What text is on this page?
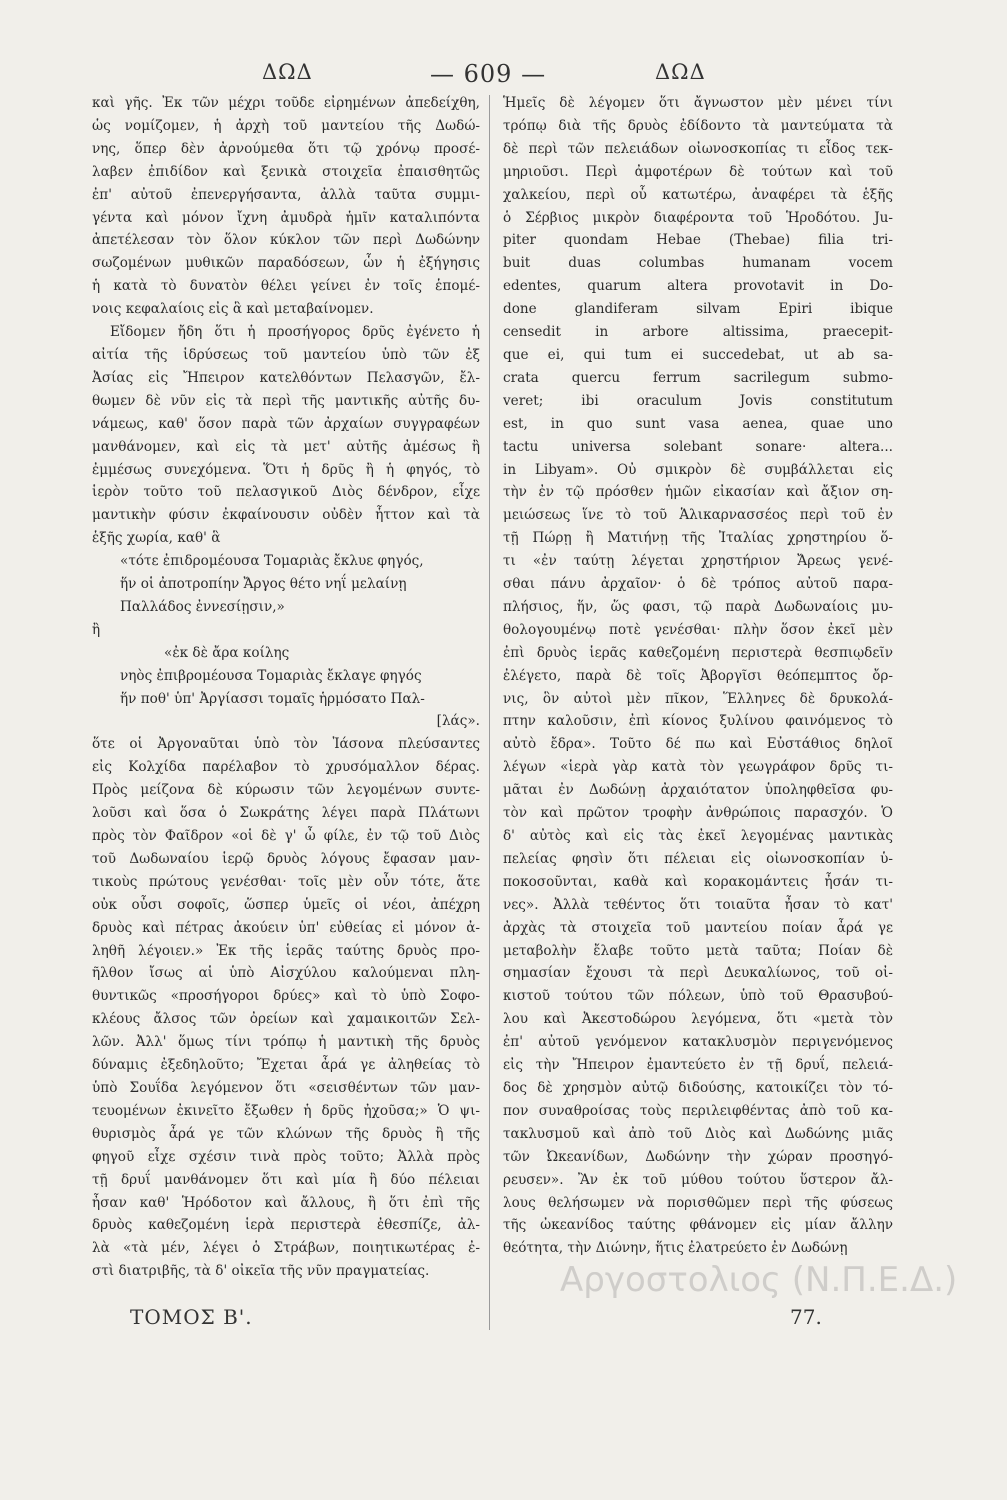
ΔΩΔ	— 609 —	ΔΩΔ
καὶ γῆς. Ἐκ τῶν μέχρι τοῦδε εἰρημένων ἀπεδείχθη,
ὡς νομίζομεν, ἡ ἀρχὴ τοῦ μαντείου τῆς Δωδώ-
νης, ὅπερ δὲν ἀρνούμεθα ὅτι τῷ χρόνῳ προσέ-
λαβεν ἐπιδίδον καὶ ξενικὰ στοιχεῖα ἐπαισθητῶς
ἐπ' αὐτοῦ ἐπενεργήσαντα, ἀλλὰ ταῦτα συμμι-
γέντα καὶ μόνον ἴχνη ἀμυδρὰ ἡμῖν καταλιπόντα
ἀπετέλεσαν τὸν ὅλον κύκλον τῶν περὶ Δωδώνην
σωζομένων μυθικῶν παραδόσεων, ὧν ἡ ἐξήγησις
ἡ κατὰ τὸ δυνατὸν θέλει γείνει ἐν τοῖς ἑπομέ-
νοις κεφαλαίοις εἰς ἃ καὶ μεταβαίνομεν.
Εἴδομεν ἤδη ὅτι ἡ προσήγορος δρῦς ἐγένετο ἡ
αἰτία τῆς ἱδρύσεως τοῦ μαντείου ὑπὸ τῶν ἐξ
Ἀσίας εἰς Ἤπειρον κατελθόντων Πελασγῶν, ἔλ-
θωμεν δὲ νῦν εἰς τὰ περὶ τῆς μαντικῆς αὐτῆς δυ-
νάμεως, καθ' ὅσον παρὰ τῶν ἀρχαίων συγγραφέων
μανθάνομεν, καὶ εἰς τὰ μετ' αὐτῆς ἀμέσως ἢ
ἐμμέσως συνεχόμενα. Ὅτι ἡ δρῦς ἢ ἡ φηγός, τὸ
ἱερὸν τοῦτο τοῦ πελασγικοῦ Διὸς δένδρον, εἶχε
μαντικὴν φύσιν ἐκφαίνουσιν οὐδὲν ἧττον καὶ τὰ
ἑξῆς χωρία, καθ' ἃ
«τότε ἐπιδρομέουσα Τομαριὰς ἔκλυε φηγός,
ἥν οἱ ἀποτροπίην Ἄργος θέτο νηΐ μελαίνῃ
Παλλάδος ἐννεσίῃσιν,»
ἢ
«ἐκ δὲ ἄρα κοίλης
νηὸς ἐπιβρομέουσα Τομαριὰς ἔκλαγε φηγός
ἥν ποθ' ὑπ' Ἀργίασσι τομαῖς ἡρμόσατο Παλ-
[λάς».
ὅτε οἱ Ἀργοναῦται ὑπὸ τὸν Ἰάσονα πλεύσαντες
εἰς Κολχίδα παρέλαβον τὸ χρυσόμαλλον δέρας.
Πρὸς μείζονα δὲ κύρωσιν τῶν λεγομένων συντε-
λοῦσι καὶ ὅσα ὁ Σωκράτης λέγει παρὰ Πλάτωνι
πρὸς τὸν Φαῖδρον «οἱ δὲ γ' ὦ φίλε, ἐν τῷ τοῦ Διὸς
τοῦ Δωδωναίου ἱερῷ δρυὸς λόγους ἔφασαν μαν-
τικοὺς πρώτους γενέσθαι· τοῖς μὲν οὖν τότε, ἅτε
οὐκ οὖσι σοφοῖς, ὥσπερ ὑμεῖς οἱ νέοι, ἀπέχρη
δρυὸς καὶ πέτρας ἀκούειν ὑπ' εὐθείας εἰ μόνον ἀ-
ληθῆ λέγοιεν.» Ἐκ τῆς ἱερᾶς ταύτης δρυὸς προ-
ῆλθον ἴσως αἱ ὑπὸ Αἰσχύλου καλούμεναι πλη-
θυντικῶς «προσήγοροι δρύες» καὶ τὸ ὑπὸ Σοφο-
κλέους ἄλσος τῶν ὀρείων καὶ χαμαικοιτῶν Σελ-
λῶν. Ἀλλ' ὅμως τίνι τρόπῳ ἡ μαντικὴ τῆς δρυὸς
δύναμις ἐξεδηλοῦτο; Ἔχεται ἆρά γε ἀληθείας τὸ
ὑπὸ Σουΐδα λεγόμενον ὅτι «σεισθέντων τῶν μαν-
τευομένων ἐκινεῖτο ἔξωθεν ἡ δρῦς ἠχοῦσα;» Ὁ ψι-
θυρισμὸς ἆρά γε τῶν κλώνων τῆς δρυὸς ἢ τῆς
φηγοῦ εἶχε σχέσιν τινὰ πρὸς τοῦτο; Ἀλλὰ πρὸς
τῇ δρυΐ μανθάνομεν ὅτι καὶ μία ἢ δύο πέλειαι
ἦσαν καθ' Ἡρόδοτον καὶ ἄλλους, ἢ ὅτι ἐπὶ τῆς
δρυὸς καθεζομένη ἱερὰ περιστερὰ ἐθεσπίζε, ἀλ-
λὰ «τὰ μέν, λέγει ὁ Στράβων, ποιητικωτέρας ἐ-
στὶ διατριβῆς, τὰ δ' οἰκεῖα τῆς νῦν πραγματείας.
Ἡμεῖς δὲ λέγομεν ὅτι ἄγνωστον μὲν μένει τίνι
τρόπῳ διὰ τῆς δρυὸς ἐδίδοντο τὰ μαντεύματα τὰ
δὲ περὶ τῶν πελειάδων οἰωνοσκοπίας τι εἶδος τεκ-
μηριοῦσι. Περὶ ἀμφοτέρων δὲ τούτων καὶ τοῦ
χαλκείου, περὶ οὗ κατωτέρω, ἀναφέρει τὰ ἑξῆς
ὁ Σέρβιος μικρὸν διαφέροντα τοῦ Ἡροδότου. Ju-
piter quondam Hebae (Thebae) filia tri-
buit duas columbas humanam vocem
edentes, quarum altera provotavit in Do-
done glandiferam silvam Epiri ibique
censedit in arbore altissima, praecepit-
que ei, qui tum ei succedebat, ut ab sa-
crata quercu ferrum sacrilegum submo-
veret; ibi oraculum Jovis constitutum
est, in quo sunt vasa aenea, quae uno
tactu universa solebant sonare· altera...
in Libyam». Οὐ σμικρὸν δὲ συμβάλλεται εἰς
τὴν ἐν τῷ πρόσθεν ἡμῶν εἰκασίαν καὶ ἄξιον ση-
μειώσεως ἵνε τὸ τοῦ Ἁλικαρνασσέος περὶ τοῦ ἐν
τῇ Πώρῃ ἢ Ματιήνῃ τῆς Ἰταλίας χρηστηρίου ὅ-
τι «ἐν ταύτῃ λέγεται χρηστήριον Ἄρεως γενέ-
σθαι πάνυ ἀρχαῖον· ὁ δὲ τρόπος αὐτοῦ παρα-
πλήσιος, ἥν, ὥς φασι, τῷ παρὰ Δωδωναίοις μυ-
θολογουμένῳ ποτὲ γενέσθαι· πλὴν ὅσον ἐκεῖ μὲν
ἐπὶ δρυὸς ἱερᾶς καθεζομένη περιστερὰ θεσπιῳδεῖν
ἐλέγετο, παρὰ δὲ τοῖς Ἀβοργῖσι θεόπεμπτος ὄρ-
νις, ὃν αὐτοὶ μὲν πῖκον, Ἕλληνες δὲ δρυκολά-
πτην καλοῦσιν, ἐπὶ κίονος ξυλίνου φαινόμενος τὸ
αὐτὸ ἔδρα». Τοῦτο δέ πω καὶ Εὐστάθιος δηλοῖ
λέγων «ἱερὰ γὰρ κατὰ τὸν γεωγράφον δρῦς τι-
μᾶται ἐν Δωδώνῃ ἀρχαιότατον ὑποληφθεῖσα φυ-
τὸν καὶ πρῶτον τροφὴν ἀνθρώποις παρασχόν. Ὁ
δ' αὐτὸς καὶ εἰς τὰς ἐκεῖ λεγομένας μαντικὰς
πελείας φησὶν ὅτι πέλειαι εἰς οἰωνοσκοπίαν ὑ-
ποκοσοῦνται, καθὰ καὶ κορακομάντεις ἦσάν τι-
νες». Ἀλλὰ τεθέντος ὅτι τοιαῦτα ἦσαν τὸ κατ'
ἀρχὰς τὰ στοιχεῖα τοῦ μαντείου ποίαν ἆρά γε
μεταβολὴν ἔλαβε τοῦτο μετὰ ταῦτα; Ποίαν δὲ
σημασίαν ἔχουσι τὰ περὶ Δευκαλίωνος, τοῦ οἰ-
κιστοῦ τούτου τῶν πόλεων, ὑπὸ τοῦ Θρασυβού-
λου καὶ Ἀκεστοδώρου λεγόμενα, ὅτι «μετὰ τὸν
ἐπ' αὐτοῦ γενόμενον κατακλυσμὸν περιγενόμενος
εἰς τὴν Ἤπειρον ἐμαντεύετο ἐν τῇ δρυΐ, πελειά-
δος δὲ χρησμὸν αὐτῷ διδούσης, κατοικίζει τὸν τό-
πον συναθροίσας τοὺς περιλειφθέντας ἀπὸ τοῦ κα-
τακλυσμοῦ καὶ ἀπὸ τοῦ Διὸς καὶ Δωδώνης μιᾶς
τῶν Ὠκεανίδων, Δωδώνην τὴν χώραν προσηγό-
ρευσεν». Ἂν ἐκ τοῦ μύθου τούτου ὕστερον ἄλ-
λους θελήσωμεν νὰ πορισθῶμεν περὶ τῆς φύσεως
τῆς ὠκεανίδος ταύτης φθάνομεν εἰς μίαν ἄλλην
θεότητα, τὴν Διώνην, ἥτις ἐλατρεύετο ἐν Δωδώνῃ
Αργοστολιος (Ν.Π.Ε.Δ.)
ΤΟΜΟΣ Β'.	77.
